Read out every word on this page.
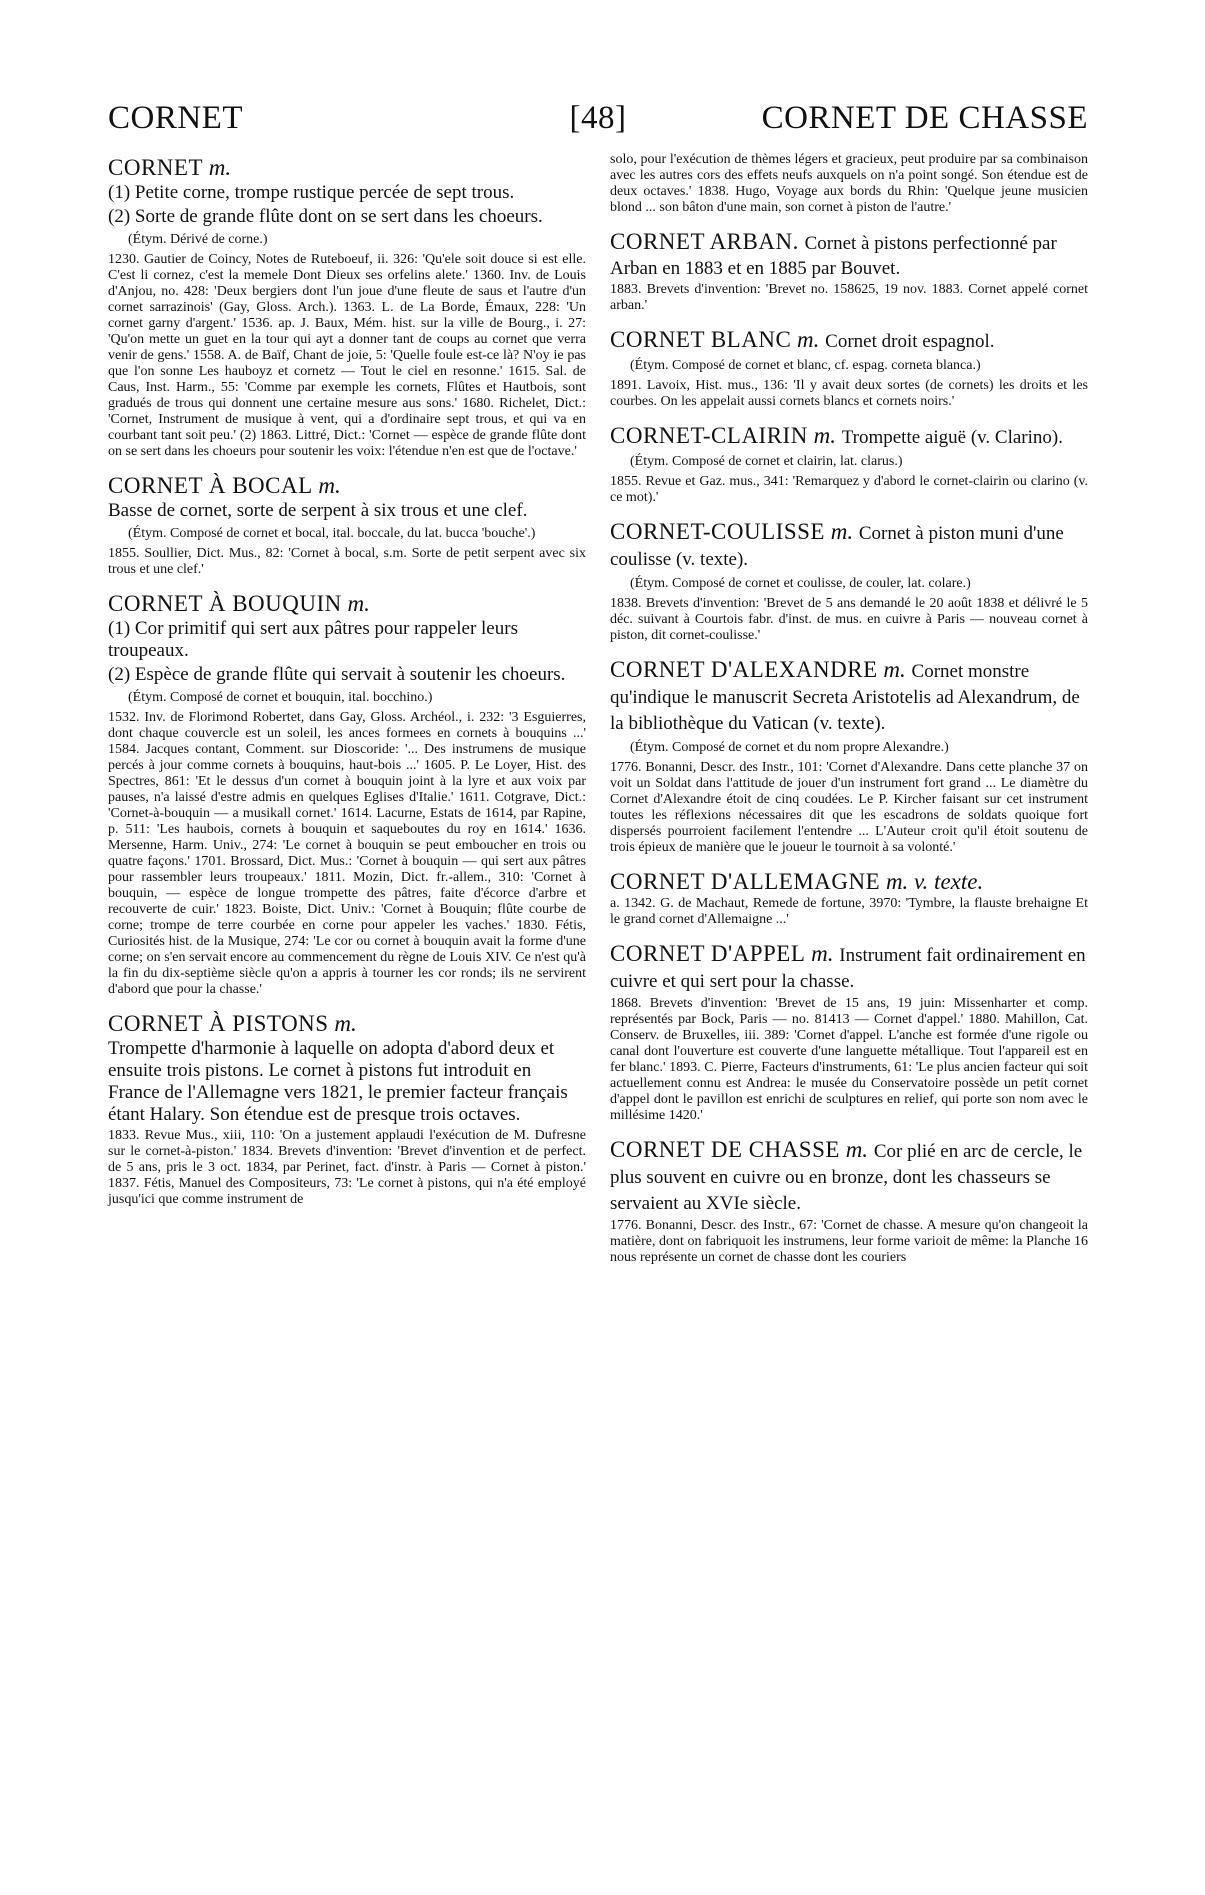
CORNET	[48]	CORNET DE CHASSE
CORNET m.
(1) Petite corne, trompe rustique percée de sept trous.
(2) Sorte de grande flûte dont on se sert dans les choeurs.
(Étym. Dérivé de corne.)
1230. Gautier de Coincy, Notes de Ruteboeuf, ii. 326: 'Qu'ele soit douce si est elle. C'est li cornez, c'est la memele Dont Dieux ses orfelins alete.' 1360. Inv. de Louis d'Anjou, no. 428: 'Deux bergiers dont l'un joue d'une fleute de saus et l'autre d'un cornet sarrazinois' (Gay, Gloss. Arch.). 1363. L. de La Borde, Émaux, 228: 'Un cornet garny d'argent.' 1536. ap. J. Baux, Mém. hist. sur la ville de Bourg., i. 27: 'Qu'on mette un guet en la tour qui ayt a donner tant de coups au cornet que verra venir de gens.' 1558. A. de Baïf, Chant de joie, 5: 'Quelle foule est-ce là? N'oy ie pas que l'on sonne Les hauboyz et cornetz — Tout le ciel en resonne.' 1615. Sal. de Caus, Inst. Harm., 55: 'Comme par exemple les cornets, Flûtes et Hautbois, sont gradués de trous qui donnent une certaine mesure aus sons.' 1680. Richelet, Dict.: 'Cornet, Instrument de musique à vent, qui a d'ordinaire sept trous, et qui va en courbant tant soit peu.' (2) 1863. Littré, Dict.: 'Cornet — espèce de grande flûte dont on se sert dans les choeurs pour soutenir les voix: l'étendue n'en est que de l'octave.'
CORNET À BOCAL m.
Basse de cornet, sorte de serpent à six trous et une clef.
(Étym. Composé de cornet et bocal, ital. boccale, du lat. bucca 'bouche'.)
1855. Soullier, Dict. Mus., 82: 'Cornet à bocal, s.m. Sorte de petit serpent avec six trous et une clef.'
CORNET À BOUQUIN m.
(1) Cor primitif qui sert aux pâtres pour rappeler leurs troupeaux.
(2) Espèce de grande flûte qui servait à soutenir les choeurs.
(Étym. Composé de cornet et bouquin, ital. bocchino.)
1532. Inv. de Florimond Robertet, dans Gay, Gloss. Archéol., i. 232: '3 Esguierres, dont chaque couvercle est un soleil, les ances formees en cornets à bouquins ...' 1584. Jacques contant, Comment. sur Dioscoride: '... Des instrumens de musique percés à jour comme cornets à bouquins, haut-bois ...' 1605. P. Le Loyer, Hist. des Spectres, 861: 'Et le dessus d'un cornet à bouquin joint à la lyre et aux voix par pauses, n'a laissé d'estre admis en quelques Eglises d'Italie.' 1611. Cotgrave, Dict.: 'Cornet-à-bouquin — a musikall cornet.' 1614. Lacurne, Estats de 1614, par Rapine, p. 511: 'Les haubois, cornets à bouquin et saqueboutes du roy en 1614.' 1636. Mersenne, Harm. Univ., 274: 'Le cornet à bouquin se peut emboucher en trois ou quatre façons.' 1701. Brossard, Dict. Mus.: 'Cornet à bouquin — qui sert aux pâtres pour rassembler leurs troupeaux.' 1811. Mozin, Dict. fr.-allem., 310: 'Cornet à bouquin, — espèce de longue trompette des pâtres, faite d'écorce d'arbre et recouverte de cuir.' 1823. Boiste, Dict. Univ.: 'Cornet à Bouquin; flûte courbe de corne; trompe de terre courbée en corne pour appeler les vaches.' 1830. Fétis, Curiosités hist. de la Musique, 274: 'Le cor ou cornet à bouquin avait la forme d'une corne; on s'en servait encore au commencement du règne de Louis XIV. Ce n'est qu'à la fin du dix-septième siècle qu'on a appris à tourner les cor ronds; ils ne servirent d'abord que pour la chasse.'
CORNET À PISTONS m.
Trompette d'harmonie à laquelle on adopta d'abord deux et ensuite trois pistons. Le cornet à pistons fut introduit en France de l'Allemagne vers 1821, le premier facteur français étant Halary. Son étendue est de presque trois octaves.
1833. Revue Mus., xiii, 110: 'On a justement applaudi l'exécution de M. Dufresne sur le cornet-à-piston.' 1834. Brevets d'invention: 'Brevet d'invention et de perfect. de 5 ans, pris le 3 oct. 1834, par Perinet, fact. d'instr. à Paris — Cornet à piston.' 1837. Fétis, Manuel des Compositeurs, 73: 'Le cornet à pistons, qui n'a été employé jusqu'ici que comme instrument de
solo, pour l'exécution de thèmes légers et gracieux, peut produire par sa combinaison avec les autres cors des effets neufs auxquels on n'a point songé. Son étendue est de deux octaves.' 1838. Hugo, Voyage aux bords du Rhin: 'Quelque jeune musicien blond ... son bâton d'une main, son cornet à piston de l'autre.'
CORNET ARBAN. Cornet à pistons perfectionné par Arban en 1883 et en 1885 par Bouvet.
1883. Brevets d'invention: 'Brevet no. 158625, 19 nov. 1883. Cornet appelé cornet arban.'
CORNET BLANC m. Cornet droit espagnol.
(Étym. Composé de cornet et blanc, cf. espag. corneta blanca.)
1891. Lavoix, Hist. mus., 136: 'Il y avait deux sortes (de cornets) les droits et les courbes. On les appelait aussi cornets blancs et cornets noirs.'
CORNET-CLAIRIN m. Trompette aiguë (v. Clarino).
(Étym. Composé de cornet et clairin, lat. clarus.)
1855. Revue et Gaz. mus., 341: 'Remarquez y d'abord le cornet-clairin ou clarino (v. ce mot).'
CORNET-COULISSE m. Cornet à piston muni d'une coulisse (v. texte).
(Étym. Composé de cornet et coulisse, de couler, lat. colare.)
1838. Brevets d'invention: 'Brevet de 5 ans demandé le 20 août 1838 et délivré le 5 déc. suivant à Courtois fabr. d'inst. de mus. en cuivre à Paris — nouveau cornet à piston, dit cornet-coulisse.'
CORNET D'ALEXANDRE m. Cornet monstre qu'indique le manuscrit Secreta Aristotelis ad Alexandrum, de la bibliothèque du Vatican (v. texte).
(Étym. Composé de cornet et du nom propre Alexandre.)
1776. Bonanni, Descr. des Instr., 101: 'Cornet d'Alexandre. Dans cette planche 37 on voit un Soldat dans l'attitude de jouer d'un instrument fort grand ... Le diamètre du Cornet d'Alexandre étoit de cinq coudées. Le P. Kircher faisant sur cet instrument toutes les réflexions nécessaires dit que les escadrons de soldats quoique fort dispersés pourroient facilement l'entendre ... L'Auteur croit qu'il étoit soutenu de trois épieux de manière que le joueur le tournoit à sa volonté.'
CORNET D'ALLEMAGNE m. v. texte.
a. 1342. G. de Machaut, Remede de fortune, 3970: 'Tymbre, la flauste brehaigne Et le grand cornet d'Allemaigne ...'
CORNET D'APPEL m. Instrument fait ordinairement en cuivre et qui sert pour la chasse.
1868. Brevets d'invention: 'Brevet de 15 ans, 19 juin: Missenharter et comp. représentés par Bock, Paris — no. 81413 — Cornet d'appel.' 1880. Mahillon, Cat. Conserv. de Bruxelles, iii. 389: 'Cornet d'appel. L'anche est formée d'une rigole ou canal dont l'ouverture est couverte d'une languette métallique. Tout l'appareil est en fer blanc.' 1893. C. Pierre, Facteurs d'instruments, 61: 'Le plus ancien facteur qui soit actuellement connu est Andrea: le musée du Conservatoire possède un petit cornet d'appel dont le pavillon est enrichi de sculptures en relief, qui porte son nom avec le millésime 1420.'
CORNET DE CHASSE m. Cor plié en arc de cercle, le plus souvent en cuivre ou en bronze, dont les chasseurs se servaient au XVIe siècle.
1776. Bonanni, Descr. des Instr., 67: 'Cornet de chasse. A mesure qu'on changeoit la matière, dont on fabriquoit les instrumens, leur forme varioit de même: la Planche 16 nous représente un cornet de chasse dont les couriers
